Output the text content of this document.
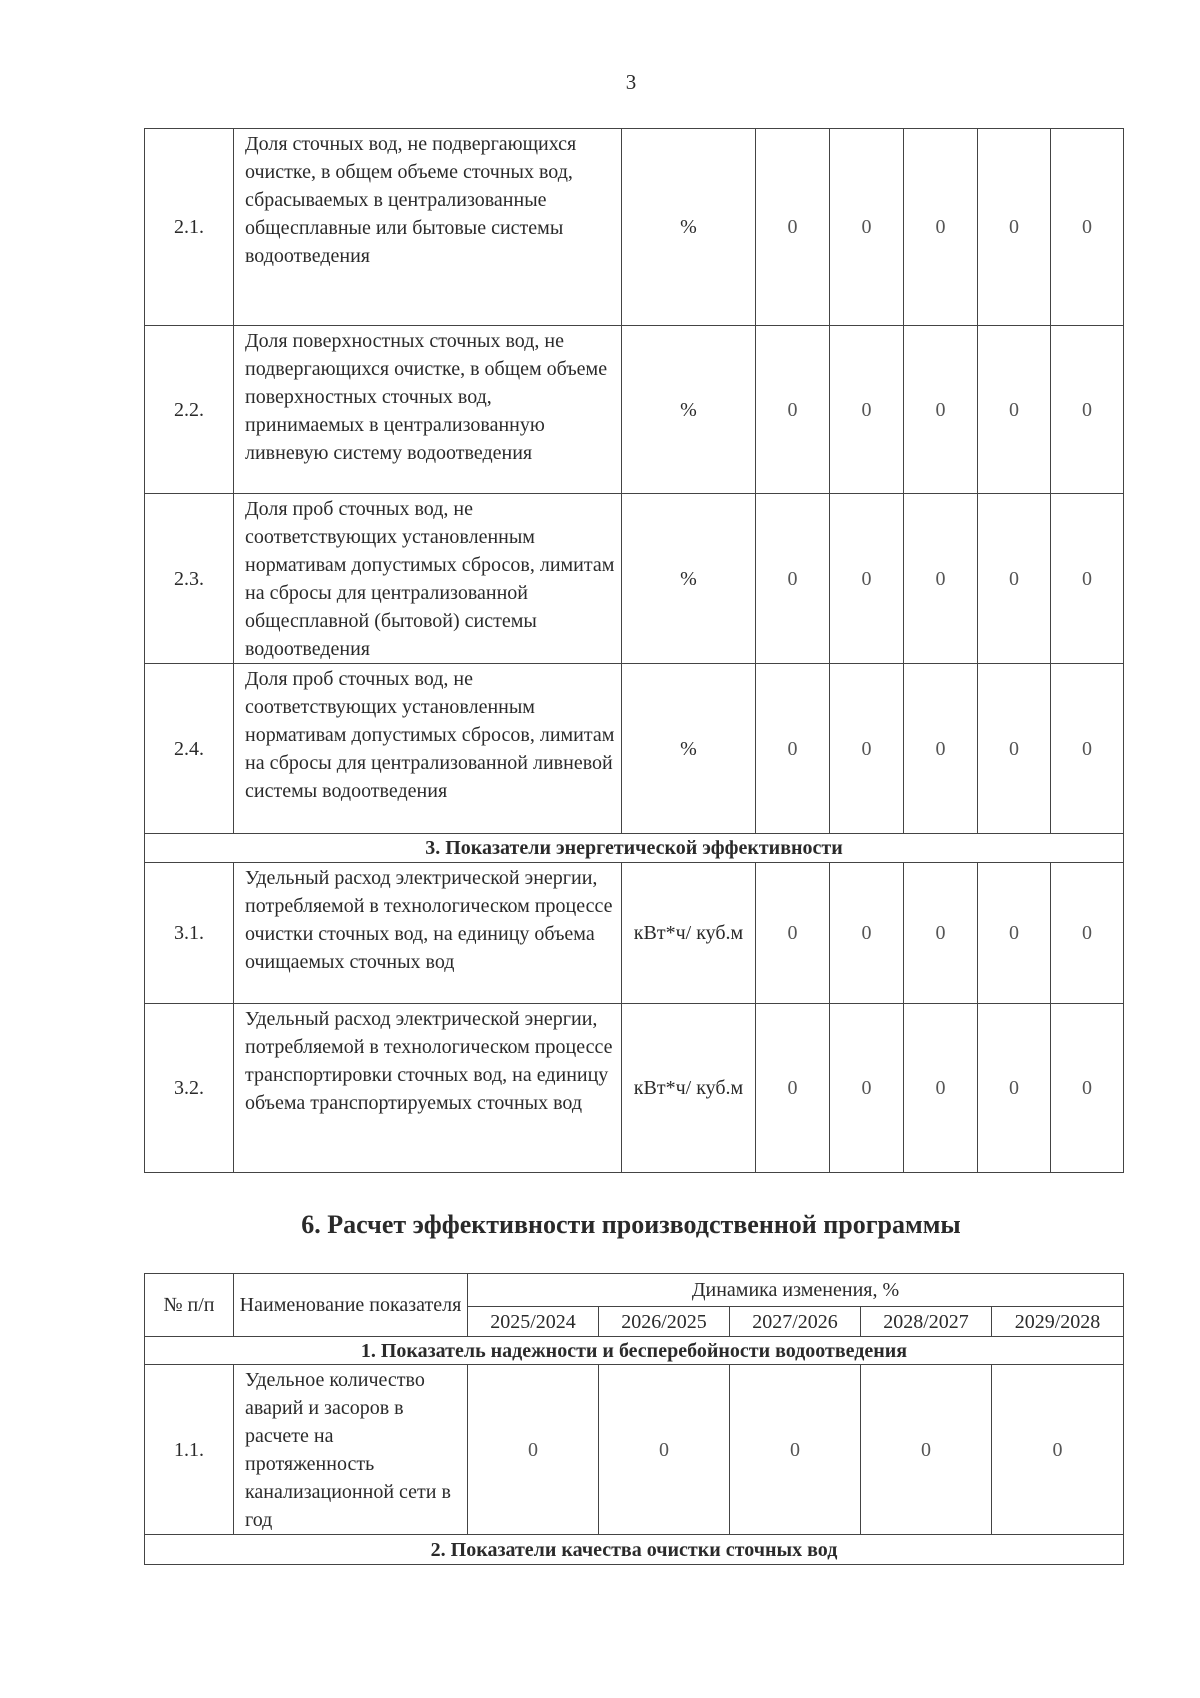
3
2.1.	Доля сточных вод, не подвергающихся очистке, в общем объеме сточных вод, сбрасываемых в централизованные общесплавные или бытовые системы водоотведения	%	0	0	0	0	0
2.2.	Доля поверхностных сточных вод, не подвергающихся очистке, в общем объеме поверхностных сточных вод, принимаемых в централизованную ливневую систему водоотведения	%	0	0	0	0	0
2.3.	Доля проб сточных вод, не соответствующих установленным нормативам допустимых сбросов, лимитам на сбросы для централизованной общесплавной (бытовой) системы водоотведения	%	0	0	0	0	0
2.4.	Доля проб сточных вод, не соответствующих установленным нормативам допустимых сбросов, лимитам на сбросы для централизованной ливневой системы водоотведения	%	0	0	0	0	0
3. Показатели энергетической эффективности							
3.1.	Удельный расход электрической энергии, потребляемой в технологическом процессе очистки сточных вод, на единицу объема очищаемых сточных вод	кВт*ч/ куб.м	0	0	0	0	0
3.2.	Удельный расход электрической энергии, потребляемой в технологическом процессе транспортировки сточных вод, на единицу объема транспортируемых сточных вод	кВт*ч/ куб.м	0	0	0	0	0
6. Расчет эффективности производственной программы
№ п/п	Наименование показателя	Динамика изменения, %				
		2025/2024	2026/2025	2027/2026	2028/2027	2029/2028
1. Показатель надежности и бесперебойности водоотведения						
1.1.	Удельное количество аварий и засоров в расчете на протяженность канализационной сети в год	0	0	0	0	0
2. Показатели качества очистки сточных вод						
